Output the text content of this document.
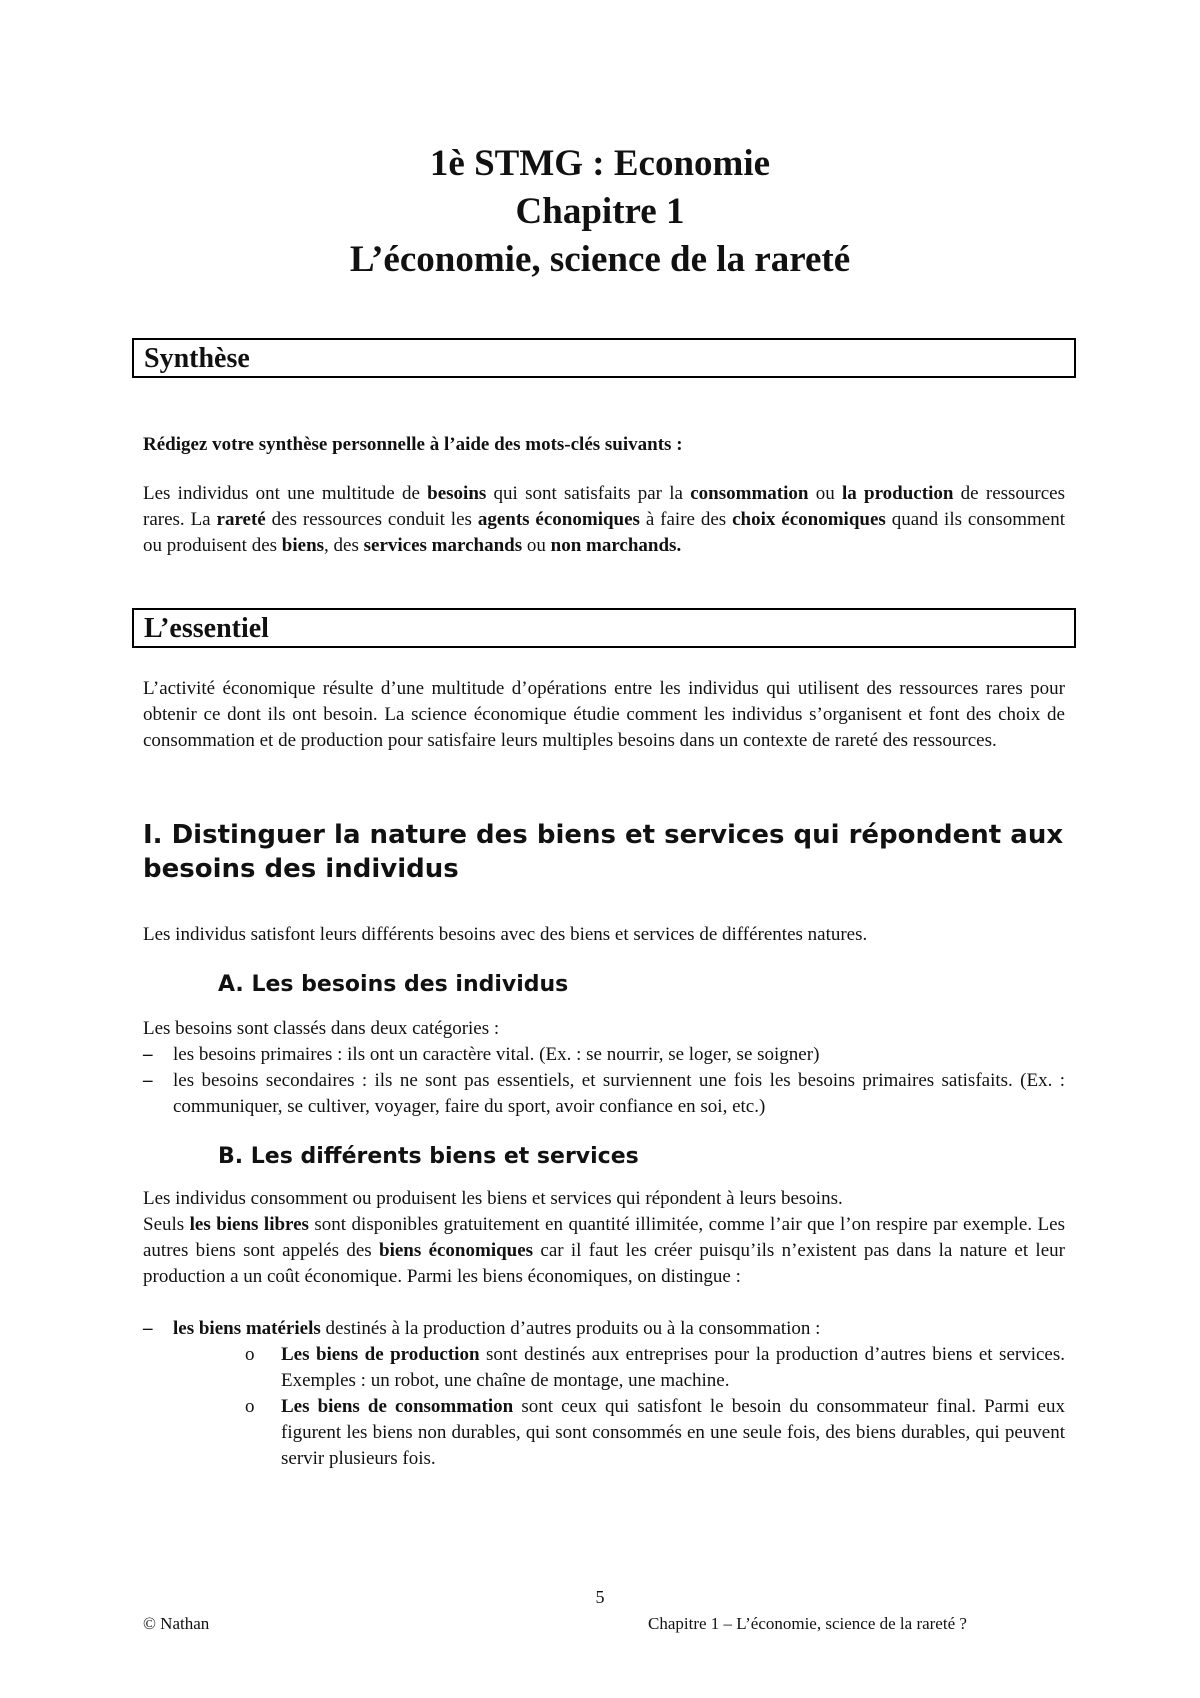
1è STMG : Economie
Chapitre 1
L’économie, science de la rareté
Synthèse
Rédigez votre synthèse personnelle à l’aide des mots-clés suivants :
Les individus ont une multitude de besoins qui sont satisfaits par la consommation ou la production de ressources rares. La rareté des ressources conduit les agents économiques à faire des choix économiques quand ils consomment ou produisent des biens, des services marchands ou non marchands.
L’essentiel
L’activité économique résulte d’une multitude d’opérations entre les individus qui utilisent des ressources rares pour obtenir ce dont ils ont besoin. La science économique étudie comment les individus s’organisent et font des choix de consommation et de production pour satisfaire leurs multiples besoins dans un contexte de rareté des ressources.
I. Distinguer la nature des biens et services qui répondent aux besoins des individus
Les individus satisfont leurs différents besoins avec des biens et services de différentes natures.
A. Les besoins des individus
Les besoins sont classés dans deux catégories :
– les besoins primaires : ils ont un caractère vital. (Ex. : se nourrir, se loger, se soigner)
– les besoins secondaires : ils ne sont pas essentiels, et surviennent une fois les besoins primaires satisfaits. (Ex. : communiquer, se cultiver, voyager, faire du sport, avoir confiance en soi, etc.)
B. Les différents biens et services
Les individus consomment ou produisent les biens et services qui répondent à leurs besoins.
Seuls les biens libres sont disponibles gratuitement en quantité illimitée, comme l’air que l’on respire par exemple. Les autres biens sont appelés des biens économiques car il faut les créer puisqu’ils n’existent pas dans la nature et leur production a un coût économique. Parmi les biens économiques, on distingue :
– les biens matériels destinés à la production d’autres produits ou à la consommation :
o Les biens de production sont destinés aux entreprises pour la production d’autres biens et services. Exemples : un robot, une chaîne de montage, une machine.
o Les biens de consommation sont ceux qui satisfont le besoin du consommateur final. Parmi eux figurent les biens non durables, qui sont consommés en une seule fois, des biens durables, qui peuvent servir plusieurs fois.
5
© Nathan	Chapitre 1 – L’économie, science de la rareté ?
